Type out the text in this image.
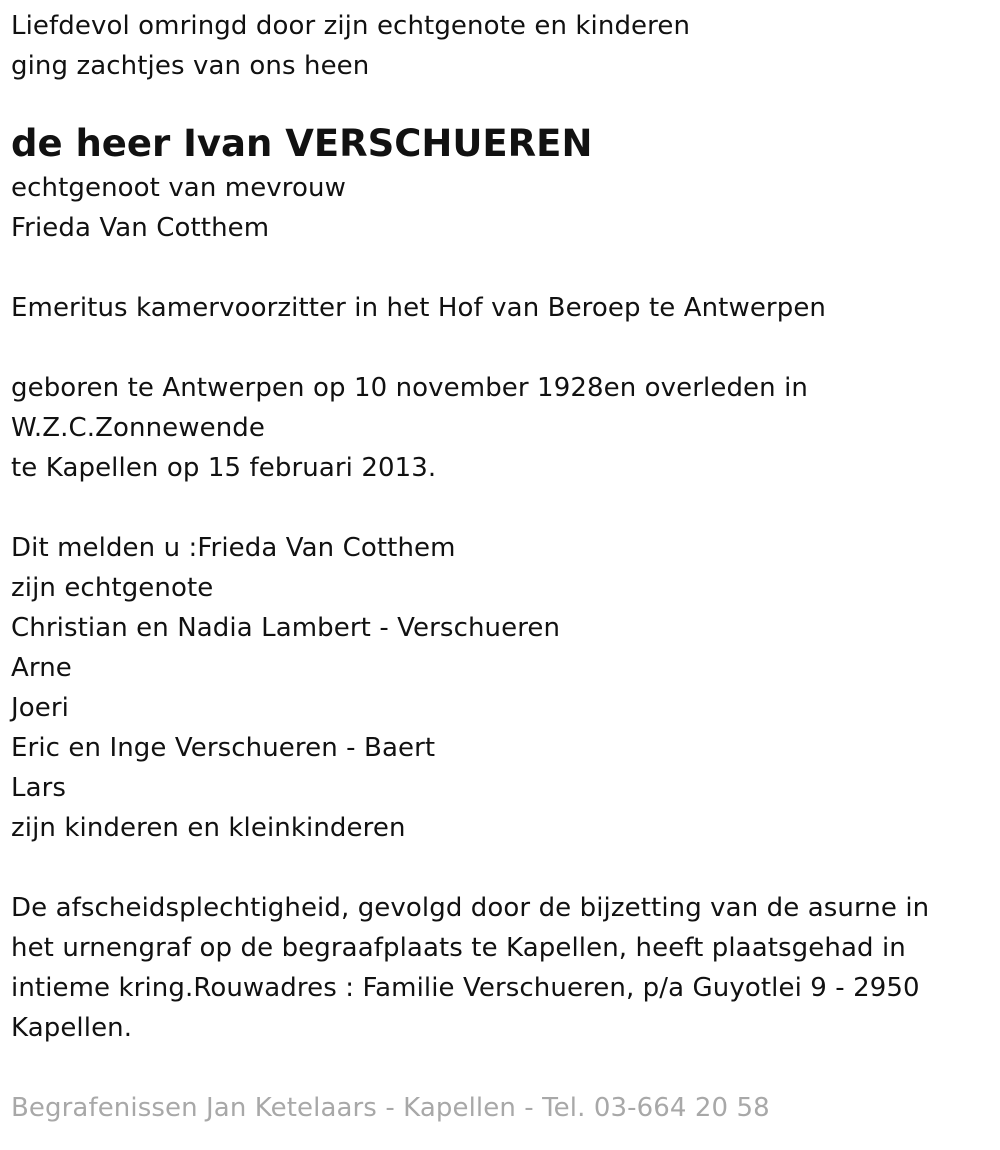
Liefdevol omringd door zijn echtgenote en kinderen
ging zachtjes van ons heen
de heer Ivan VERSCHUEREN
echtgenoot van mevrouw
Frieda Van Cotthem
Emeritus kamervoorzitter in het Hof van Beroep te Antwerpen
geboren te Antwerpen op 10 november 1928en overleden in
W.Z.C.Zonnewende
te Kapellen op 15 februari 2013.
Dit melden u :Frieda Van Cotthem
zijn echtgenote
Christian en Nadia Lambert - Verschueren
Arne
Joeri
Eric en Inge Verschueren - Baert
Lars
zijn kinderen en kleinkinderen
De afscheidsplechtigheid, gevolgd door de bijzetting van de asurne in
het urnengraf op de begraafplaats te Kapellen, heeft plaatsgehad in
intieme kring.Rouwadres : Familie Verschueren, p/a Guyotlei 9 - 2950
Kapellen.
Begrafenissen Jan Ketelaars - Kapellen - Tel. 03-664 20 58
